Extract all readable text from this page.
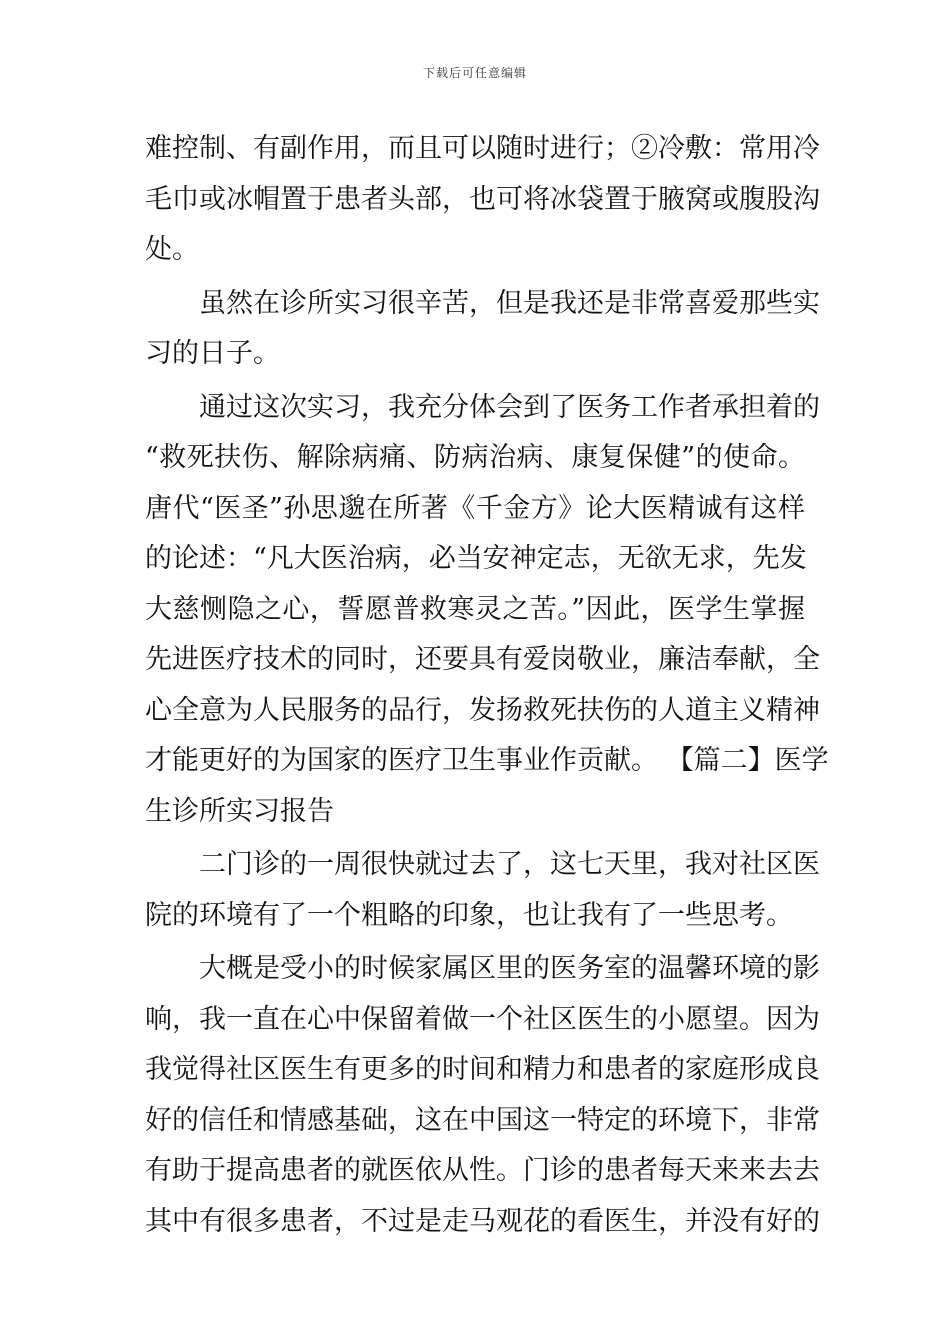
下载后可任意编辑
难控制、有副作用，而且可以随时进行；②冷敷：常用冷
毛巾或冰帽置于患者头部，也可将冰袋置于腋窝或腹股沟
处。
虽然在诊所实习很辛苦，但是我还是非常喜爱那些实
习的日子。
通过这次实习，我充分体会到了医务工作者承担着的
“救死扶伤、解除病痛、防病治病、康复保健”的使命。
唐代“医圣”孙思邈在所著《千金方》论大医精诚有这样
的论述：“凡大医治病，必当安神定志，无欲无求，先发
大慈恻隐之心，誓愿普救寒灵之苦。”因此，医学生掌握
先进医疗技术的同时，还要具有爱岗敬业，廉洁奉献，全
心全意为人民服务的品行，发扬救死扶伤的人道主义精神
才能更好的为国家的医疗卫生事业作贡献。 【篇二】医学
生诊所实习报告
二门诊的一周很快就过去了，这七天里，我对社区医
院的环境有了一个粗略的印象，也让我有了一些思考。
大概是受小的时候家属区里的医务室的温馨环境的影
响，我一直在心中保留着做一个社区医生的小愿望。因为
我觉得社区医生有更多的时间和精力和患者的家庭形成良
好的信任和情感基础，这在中国这一特定的环境下，非常
有助于提高患者的就医依从性。门诊的患者每天来来去去
其中有很多患者，不过是走马观花的看医生，并没有好的
